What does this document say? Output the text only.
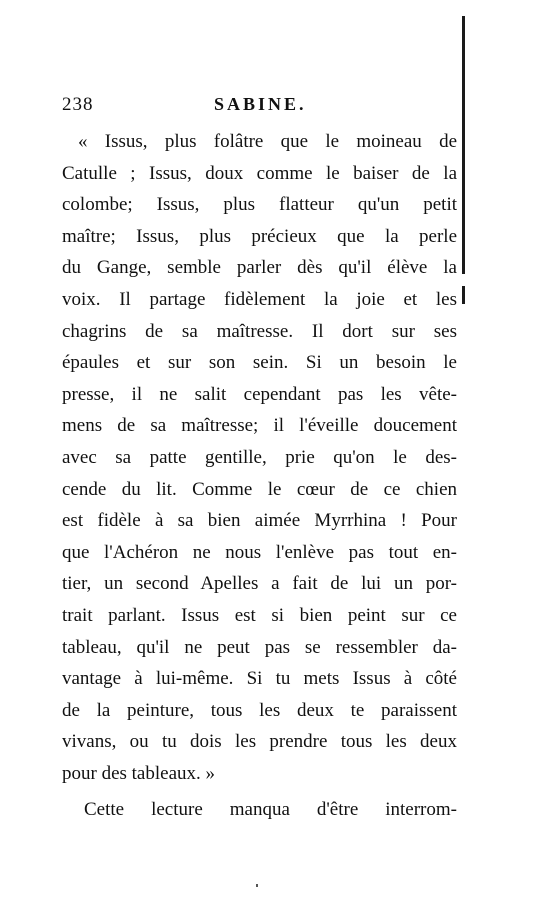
238	SABINE.
« Issus, plus folâtre que le moineau de
Catulle ; Issus, doux comme le baiser de la
colombe; Issus, plus flatteur qu'un petit
maître; Issus, plus précieux que la perle
du Gange, semble parler dès qu'il élève la
voix. Il partage fidèlement la joie et les
chagrins de sa maîtresse. Il dort sur ses
épaules et sur son sein. Si un besoin le
presse, il ne salit cependant pas les vête-
mens de sa maîtresse; il l'éveille doucement
avec sa patte gentille, prie qu'on le des-
cende du lit. Comme le cœur de ce chien
est fidèle à sa bien aimée Myrrhina ! Pour
que l'Achéron ne nous l'enlève pas tout en-
tier, un second Apelles a fait de lui un por-
trait parlant. Issus est si bien peint sur ce
tableau, qu'il ne peut pas se ressembler da-
vantage à lui-même. Si tu mets Issus à côté
de la peinture, tous les deux te paraissent
vivans, ou tu dois les prendre tous les deux
pour des tableaux. »
Cette lecture manqua d'être interrom-
